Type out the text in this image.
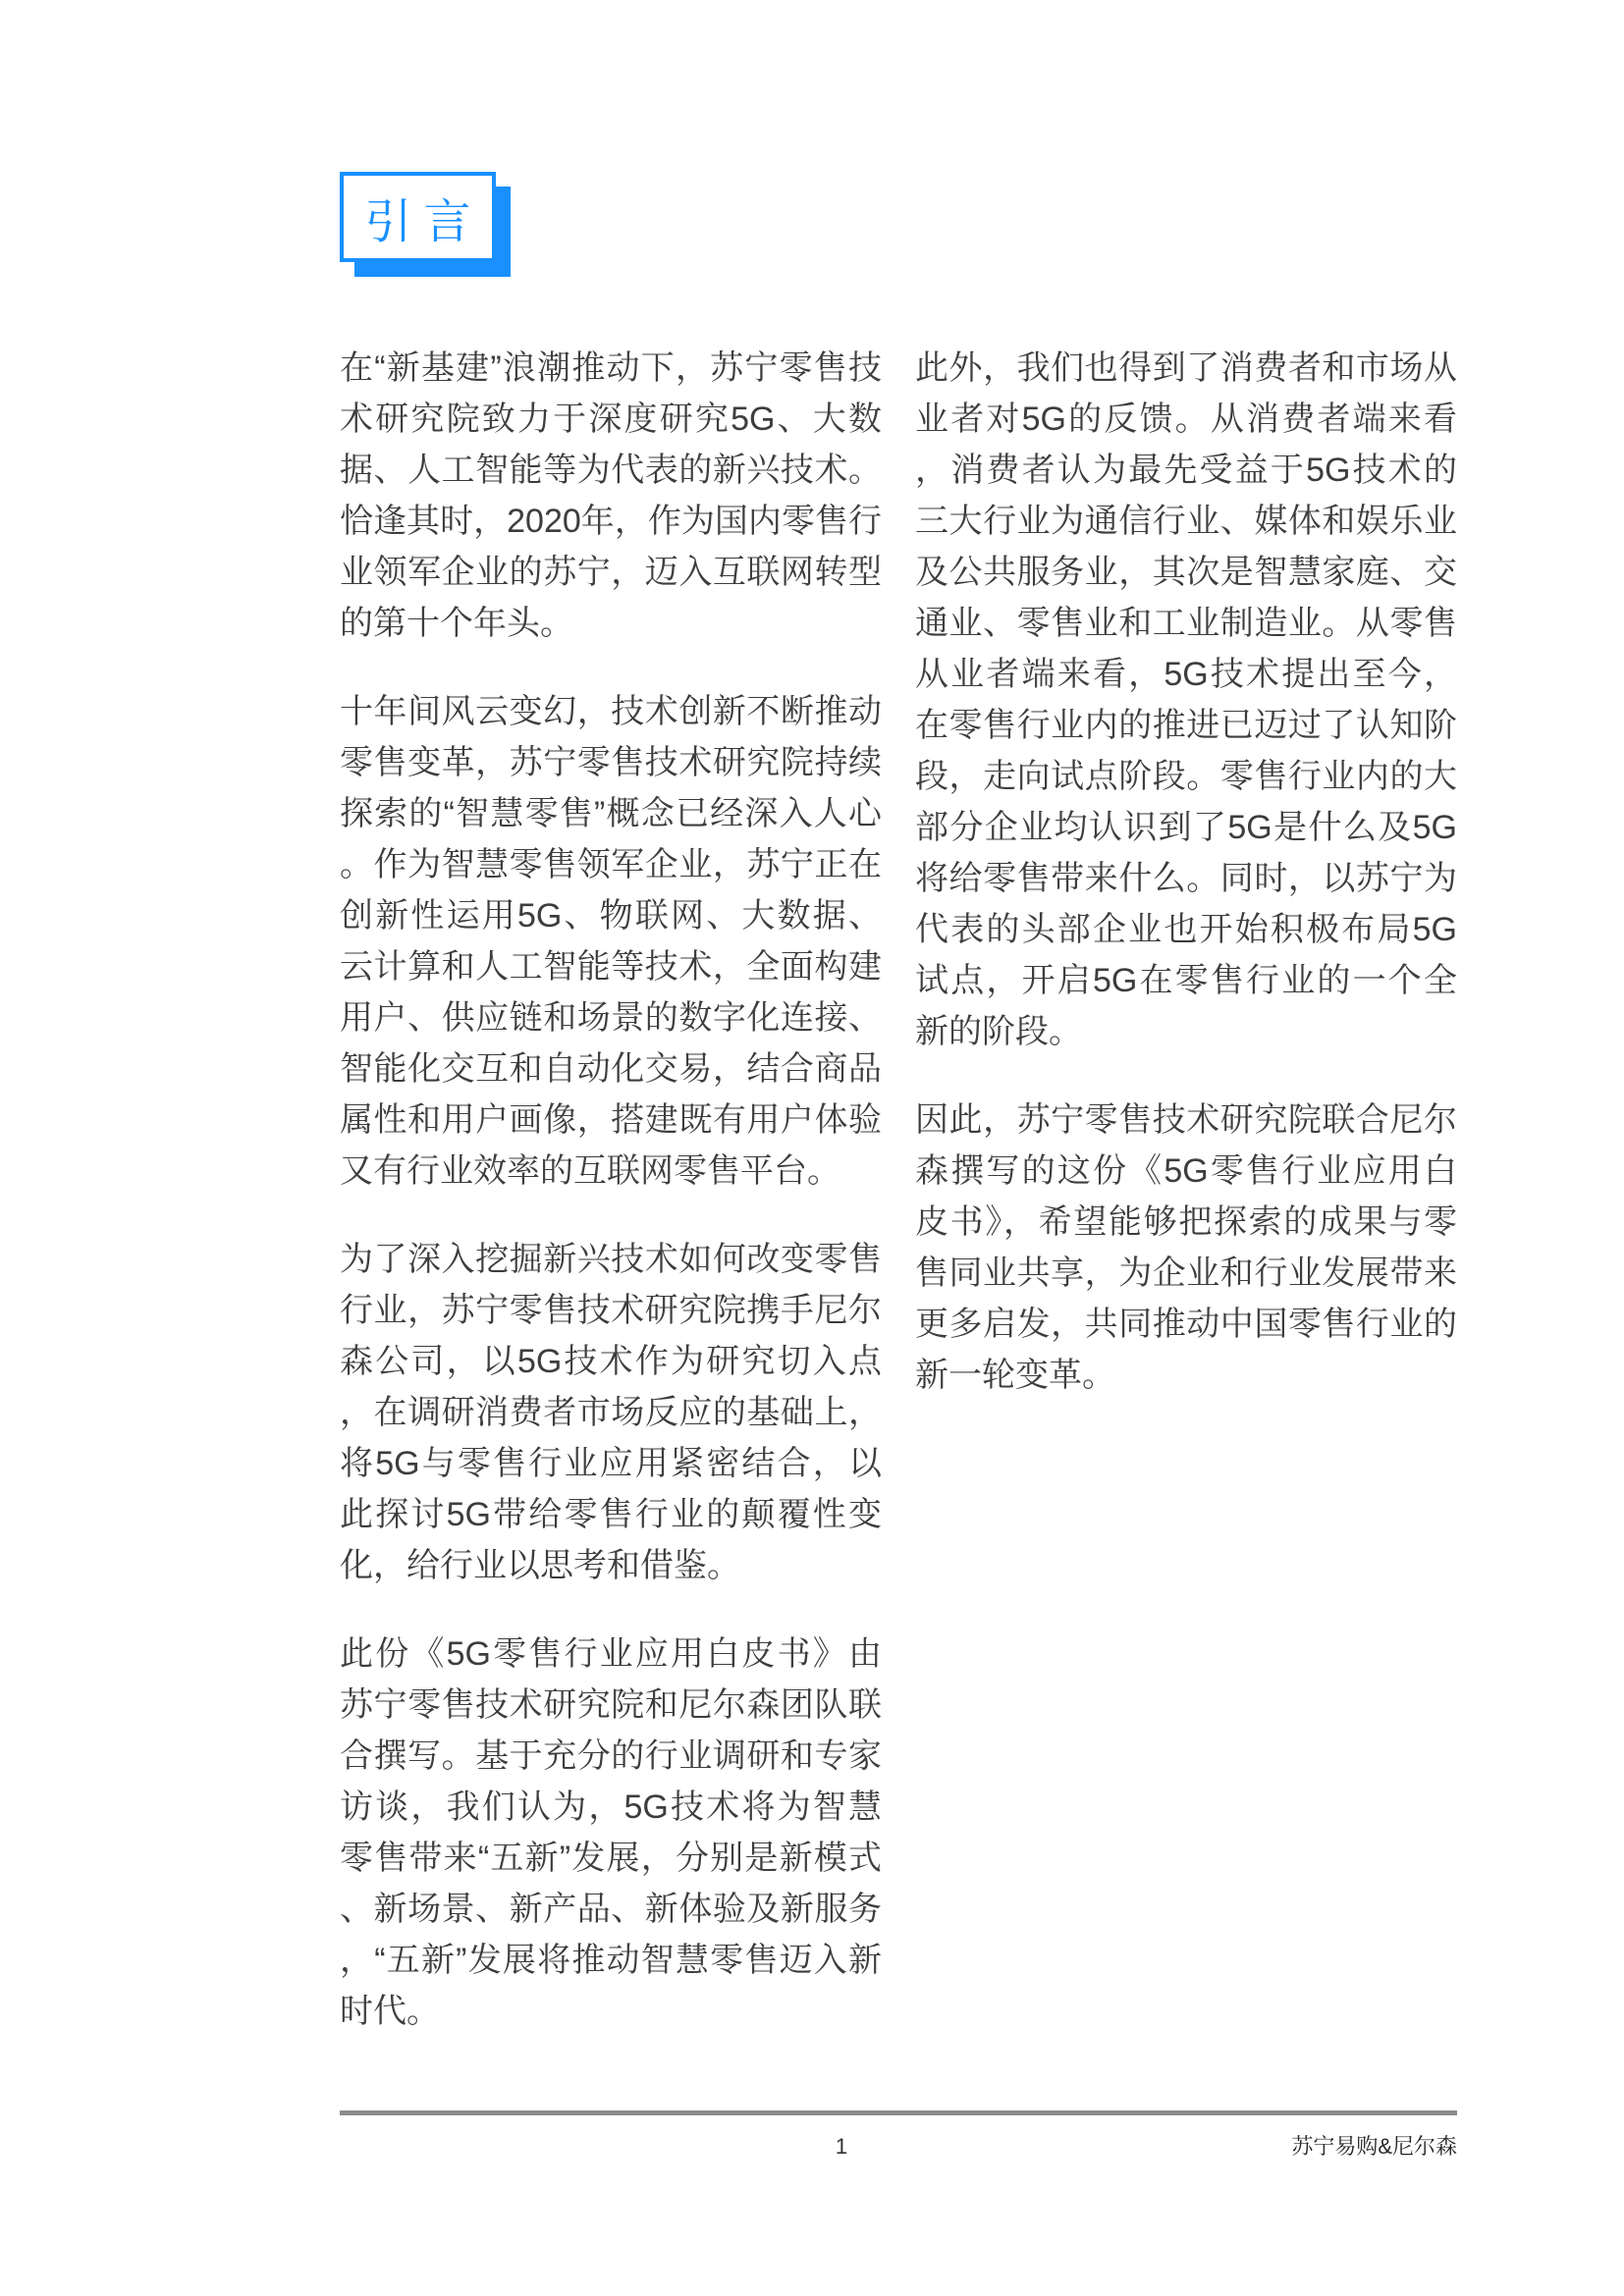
引言

在“新基建”浪潮推动下，苏宁零售技术研究院致力于深度研究5G、大数据、人工智能等为代表的新兴技术。恰逢其时，2020年，作为国内零售行业领军企业的苏宁，迈入互联网转型的第十个年头。

十年间风云变幻，技术创新不断推动零售变革，苏宁零售技术研究院持续探索的“智慧零售”概念已经深入人心。作为智慧零售领军企业，苏宁正在创新性运用5G、物联网、大数据、云计算和人工智能等技术，全面构建用户、供应链和场景的数字化连接、智能化交互和自动化交易，结合商品属性和用户画像，搭建既有用户体验又有行业效率的互联网零售平台。

为了深入挖掘新兴技术如何改变零售行业，苏宁零售技术研究院携手尼尔森公司，以5G技术作为研究切入点，在调研消费者市场反应的基础上，将5G与零售行业应用紧密结合，以此探讨5G带给零售行业的颠覆性变化，给行业以思考和借鉴。

此份《5G零售行业应用白皮书》由苏宁零售技术研究院和尼尔森团队联合撰写。基于充分的行业调研和专家访谈，我们认为，5G技术将为智慧零售带来“五新”发展，分别是新模式、新场景、新产品、新体验及新服务，“五新”发展将推动智慧零售迈入新时代。

此外，我们也得到了消费者和市场从业者对5G的反馈。从消费者端来看，消费者认为最先受益于5G技术的三大行业为通信行业、媒体和娱乐业及公共服务业，其次是智慧家庭、交通业、零售业和工业制造业。从零售从业者端来看，5G技术提出至今，在零售行业内的推进已迈过了认知阶段，走向试点阶段。零售行业内的大部分企业均认识到了5G是什么及5G将给零售带来什么。同时，以苏宁为代表的头部企业也开始积极布局5G试点，开启5G在零售行业的一个全新的阶段。

因此，苏宁零售技术研究院联合尼尔森撰写的这份《5G零售行业应用白皮书》，希望能够把探索的成果与零售同业共享，为企业和行业发展带来更多启发，共同推动中国零售行业的新一轮变革。

1	苏宁易购&尼尔森
